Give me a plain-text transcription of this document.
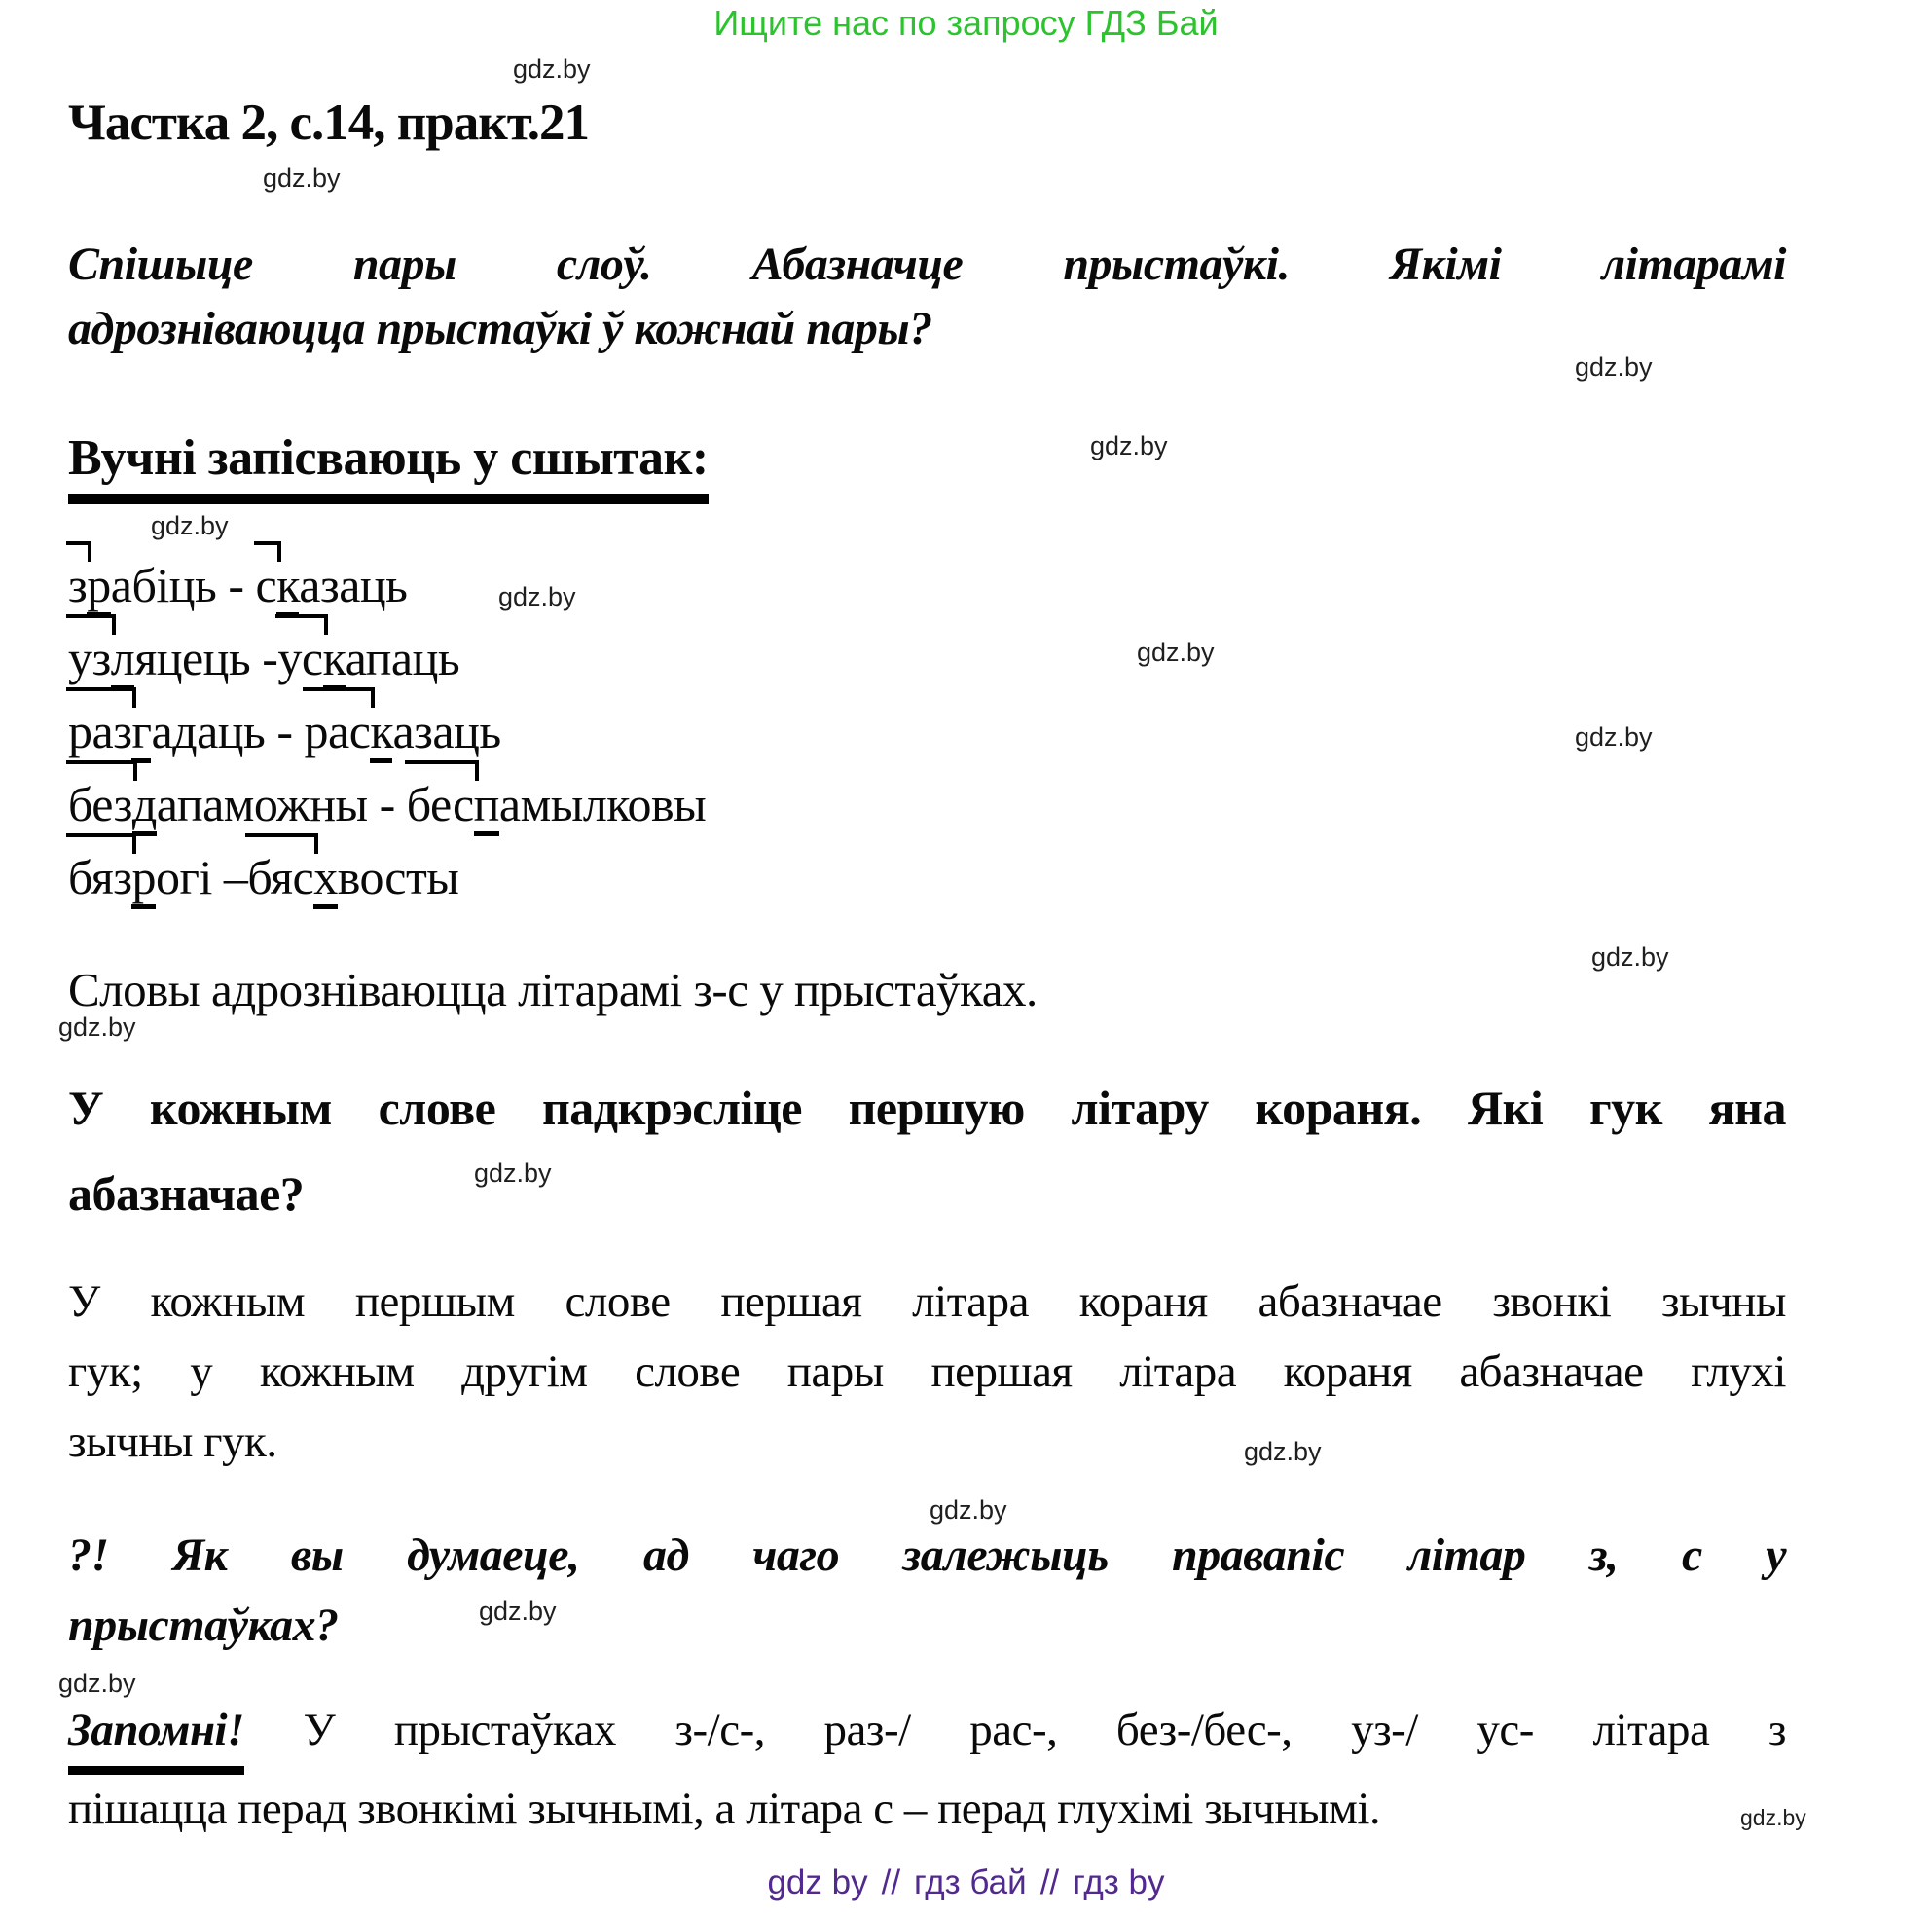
Ищите нас по запросу ГДЗ Бай
gdz.by
gdz.by
gdz.by
gdz.by
gdz.by
gdz.by
gdz.by
gdz.by
gdz.by
gdz.by
gdz.by
gdz.by
gdz.by
gdz.by
gdz.by
gdz.by
Частка 2, с.14, практ.21
Спішыце пары слоў. Абазначце прыстаўкі. Якімі літарамі
адрозніваюцца прыстаўкі ў кожнай пары?
Вучні запісваюць у сшытак:
зрабіць - сказаць
узляцець -ускапаць
разгадаць - расказаць
бездапаможны - беспамылковы
бязрогі –бясхвосты
Словы адрозніваюцца літарамі з-с у прыстаўках.
У кожным слове падкрэсліце першую літару кораня. Які гук яна
абазначае?
У кожным першым слове першая літара кораня абазначае звонкі зычны
гук; у кожным другім слове пары першая літара кораня абазначае глухі
зычны гук.
?! Як вы думаеце, ад чаго залежыць правапіс літар з, с у
прыстаўках?
Запомні! У прыстаўках з-/с-, раз-/ рас-, без-/бес-, уз-/ ус- літара з
пішацца перад звонкімі зычнымі, а літара с – перад глухімі зычнымі.
gdz by // гдз бай // гдз by
